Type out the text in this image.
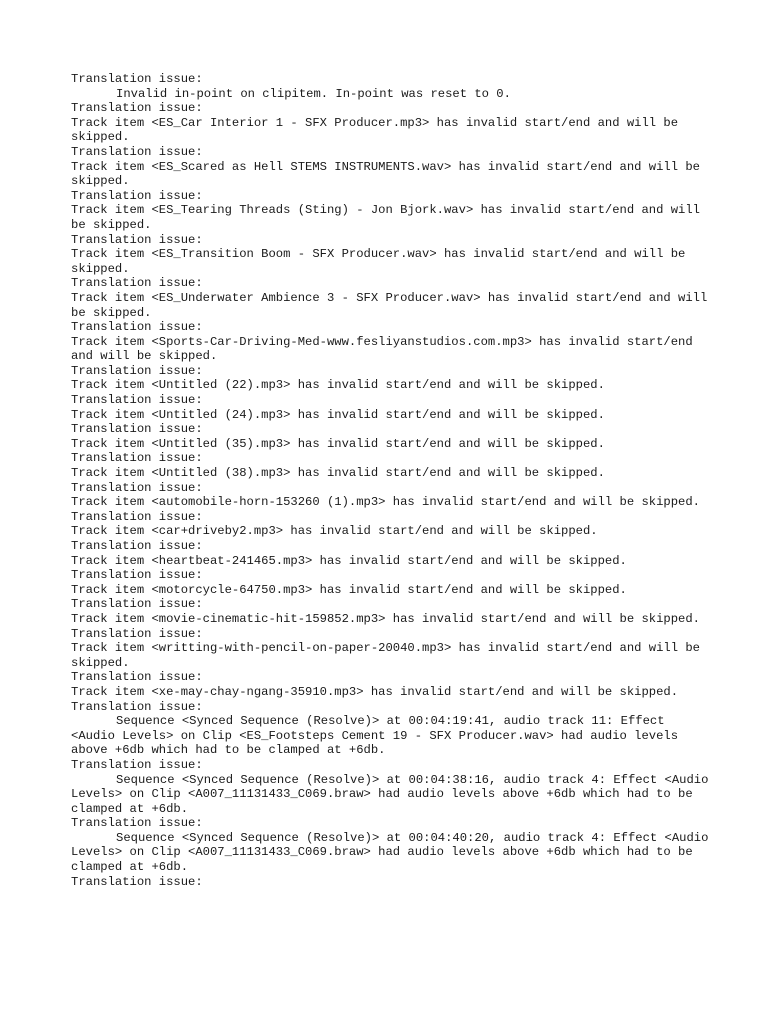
Translation issue:
Invalid in-point on clipitem. In-point was reset to 0.
Translation issue:
Track item <ES_Car Interior 1 - SFX Producer.mp3> has invalid start/end and will be skipped.
Translation issue:
Track item <ES_Scared as Hell STEMS INSTRUMENTS.wav> has invalid start/end and will be skipped.
Translation issue:
Track item <ES_Tearing Threads (Sting) - Jon Bjork.wav> has invalid start/end and will be skipped.
Translation issue:
Track item <ES_Transition Boom - SFX Producer.wav> has invalid start/end and will be skipped.
Translation issue:
Track item <ES_Underwater Ambience 3 - SFX Producer.wav> has invalid start/end and will be skipped.
Translation issue:
Track item <Sports-Car-Driving-Med-www.fesliyanstudios.com.mp3> has invalid start/end and will be skipped.
Translation issue:
Track item <Untitled (22).mp3> has invalid start/end and will be skipped.
Translation issue:
Track item <Untitled (24).mp3> has invalid start/end and will be skipped.
Translation issue:
Track item <Untitled (35).mp3> has invalid start/end and will be skipped.
Translation issue:
Track item <Untitled (38).mp3> has invalid start/end and will be skipped.
Translation issue:
Track item <automobile-horn-153260 (1).mp3> has invalid start/end and will be skipped.
Translation issue:
Track item <car+driveby2.mp3> has invalid start/end and will be skipped.
Translation issue:
Track item <heartbeat-241465.mp3> has invalid start/end and will be skipped.
Translation issue:
Track item <motorcycle-64750.mp3> has invalid start/end and will be skipped.
Translation issue:
Track item <movie-cinematic-hit-159852.mp3> has invalid start/end and will be skipped.
Translation issue:
Track item <writting-with-pencil-on-paper-20040.mp3> has invalid start/end and will be skipped.
Translation issue:
Track item <xe-may-chay-ngang-35910.mp3> has invalid start/end and will be skipped.
Translation issue:
Sequence <Synced Sequence (Resolve)> at 00:04:19:41, audio track 11: Effect <Audio Levels> on Clip <ES_Footsteps Cement 19 - SFX Producer.wav> had audio levels above +6db which had to be clamped at +6db.
Translation issue:
Sequence <Synced Sequence (Resolve)> at 00:04:38:16, audio track 4: Effect <Audio Levels> on Clip <A007_11131433_C069.braw> had audio levels above +6db which had to be clamped at +6db.
Translation issue:
Sequence <Synced Sequence (Resolve)> at 00:04:40:20, audio track 4: Effect <Audio Levels> on Clip <A007_11131433_C069.braw> had audio levels above +6db which had to be clamped at +6db.
Translation issue:
